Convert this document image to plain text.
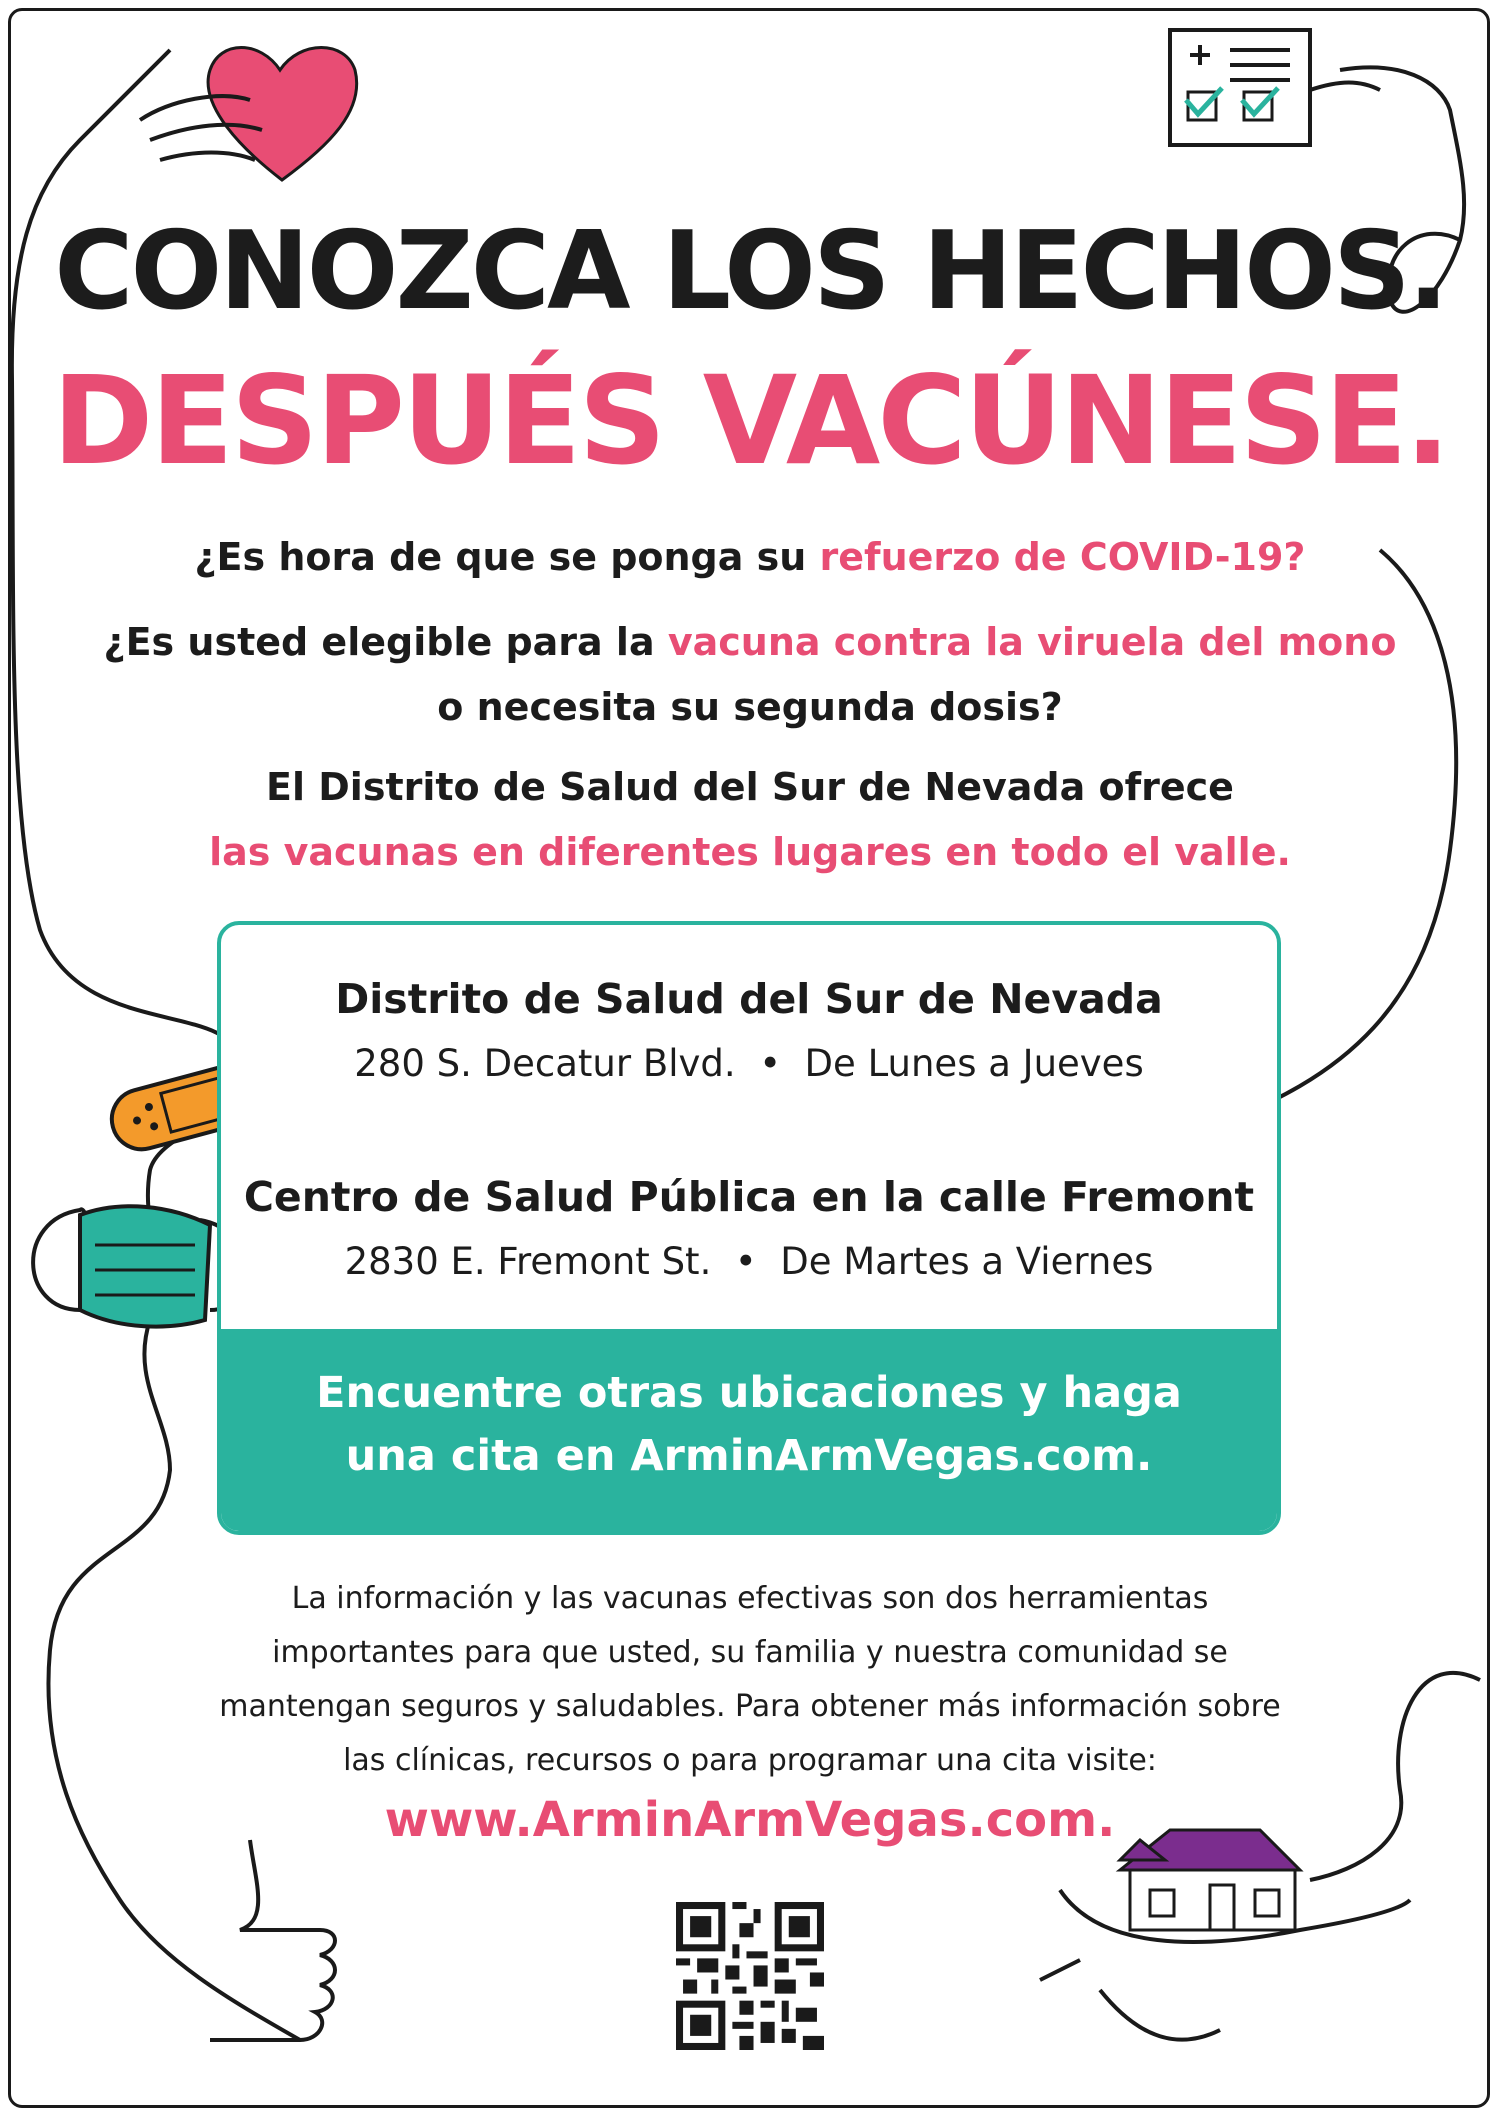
CONOZCA LOS HECHOS.
DESPUÉS VACÚNESE.
¿Es hora de que se ponga su refuerzo de COVID-19?
¿Es usted elegible para la vacuna contra la viruela del mono
o necesita su segunda dosis?
El Distrito de Salud del Sur de Nevada ofrece
las vacunas en diferentes lugares en todo el valle.
Distrito de Salud del Sur de Nevada
280 S. Decatur Blvd. • De Lunes a Jueves
Centro de Salud Pública en la calle Fremont
2830 E. Fremont St. • De Martes a Viernes
Encuentre otras ubicaciones y haga
una cita en ArminArmVegas.com.
La información y las vacunas efectivas son dos herramientas
importantes para que usted, su familia y nuestra comunidad se
mantengan seguros y saludables. Para obtener más información sobre
las clínicas, recursos o para programar una cita visite:
www.ArminArmVegas.com.
